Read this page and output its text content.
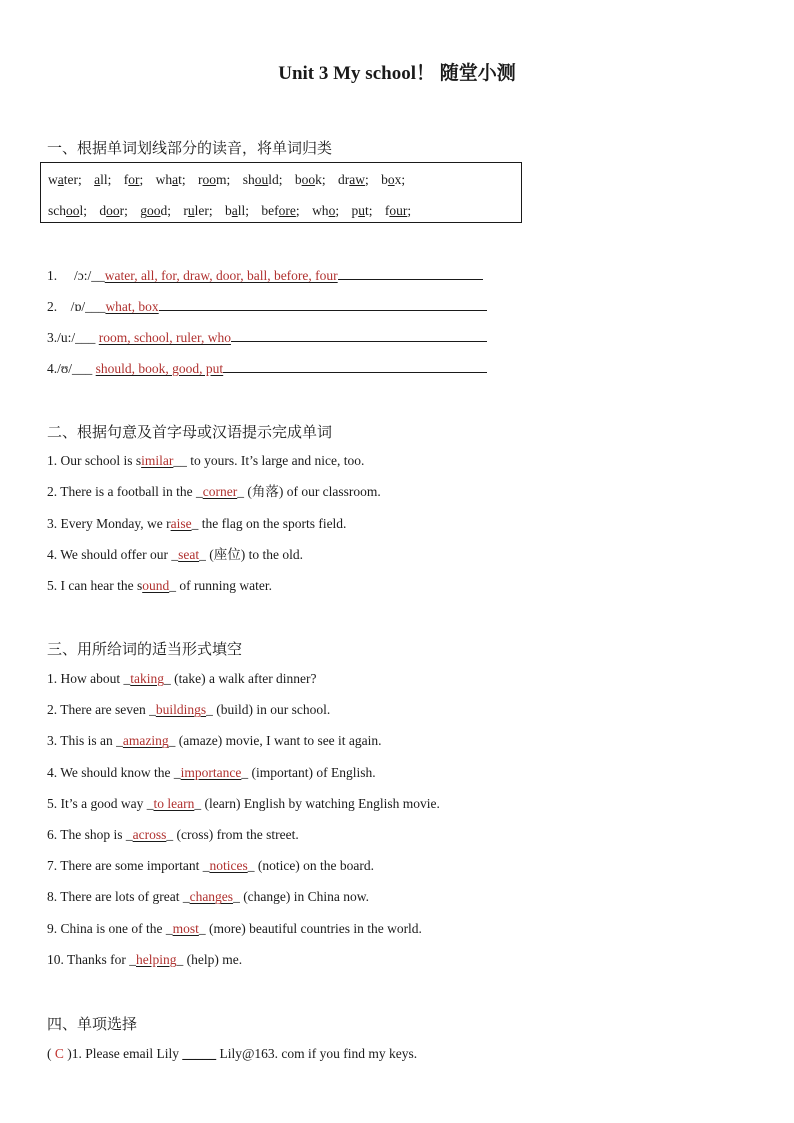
Unit 3 My school！ 随堂小测
一、根据单词划线部分的读音，将单词归类
water; all; for; what; room; should; book; draw; box;
school; door; good; ruler; ball; before; who; put; four;
1. /ɔ:/__water, all, for, draw, door, ball, before, four
2. /ɒ/___what, box
3./u:/___ room, school, ruler, who
4./ʊ/___ should, book, good, put
二、根据句意及首字母或汉语提示完成单词
1. Our school is similar__ to yours. It’s large and nice, too.
2. There is a football in the _corner_ (角落) of our classroom.
3. Every Monday, we raise_ the flag on the sports field.
4. We should offer our _seat_ (座位) to the old.
5. I can hear the sound_ of running water.
三、用所给词的适当形式填空
1. How about _taking_ (take) a walk after dinner?
2. There are seven _buildings_ (build) in our school.
3. This is an _amazing_ (amaze) movie, I want to see it again.
4. We should know the _importance_ (important) of English.
5. It’s a good way _to learn_ (learn) English by watching English movie.
6. The shop is _across_ (cross) from the street.
7. There are some important _notices_ (notice) on the board.
8. There are lots of great _changes_ (change) in China now.
9. China is one of the _most_ (more) beautiful countries in the world.
10. Thanks for _helping_ (help) me.
四、单项选择
( C )1. Please email Lily _____ Lily@163. com if you find my keys.
